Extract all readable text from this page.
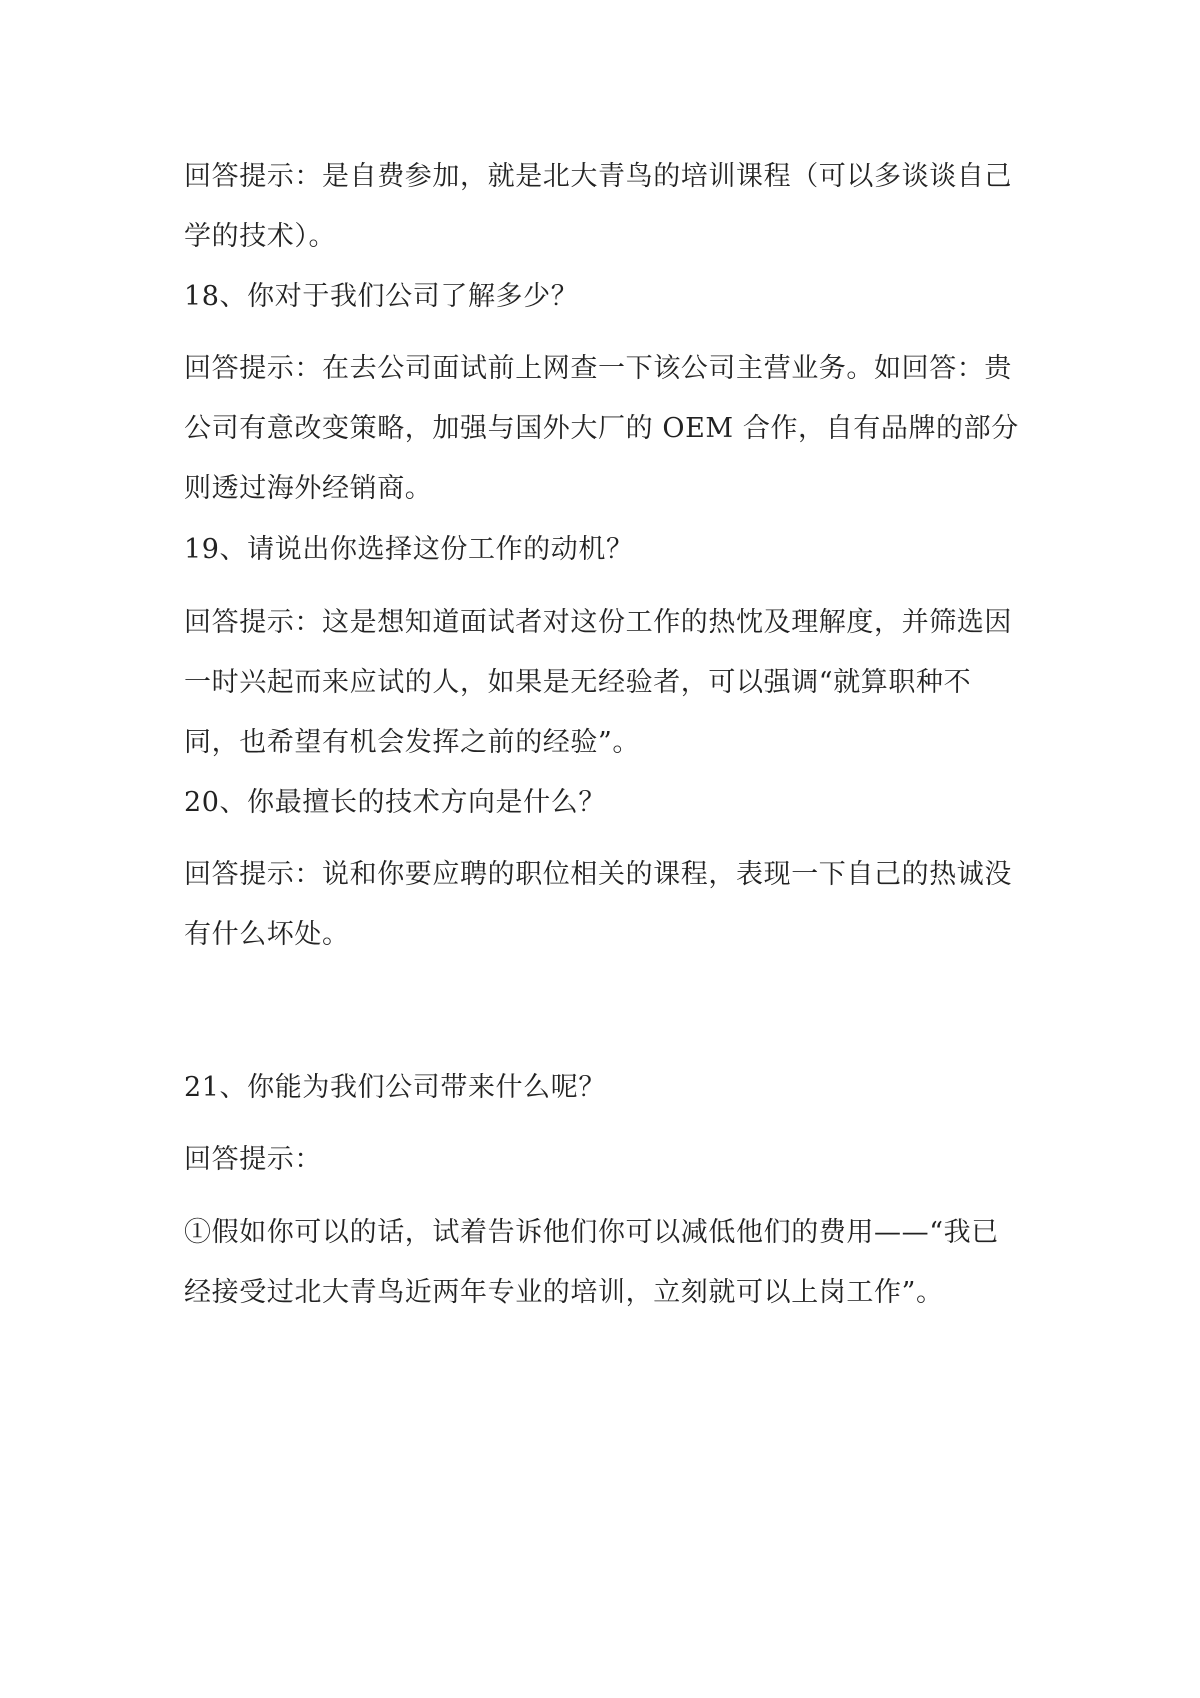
回答提示：是自费参加，就是北大青鸟的培训课程（可以多谈谈自己学的技术）。

18、你对于我们公司了解多少？

回答提示：在去公司面试前上网查一下该公司主营业务。如回答：贵公司有意改变策略，加强与国外大厂的 OEM 合作，自有品牌的部分则透过海外经销商。

19、请说出你选择这份工作的动机？

回答提示：这是想知道面试者对这份工作的热忱及理解度，并筛选因一时兴起而来应试的人，如果是无经验者，可以强调“就算职种不同，也希望有机会发挥之前的经验”。

20、你最擅长的技术方向是什么？

回答提示：说和你要应聘的职位相关的课程，表现一下自己的热诚没有什么坏处。

21、你能为我们公司带来什么呢？

回答提示：

①假如你可以的话，试着告诉他们你可以减低他们的费用——“我已经接受过北大青鸟近两年专业的培训，立刻就可以上岗工作”。
